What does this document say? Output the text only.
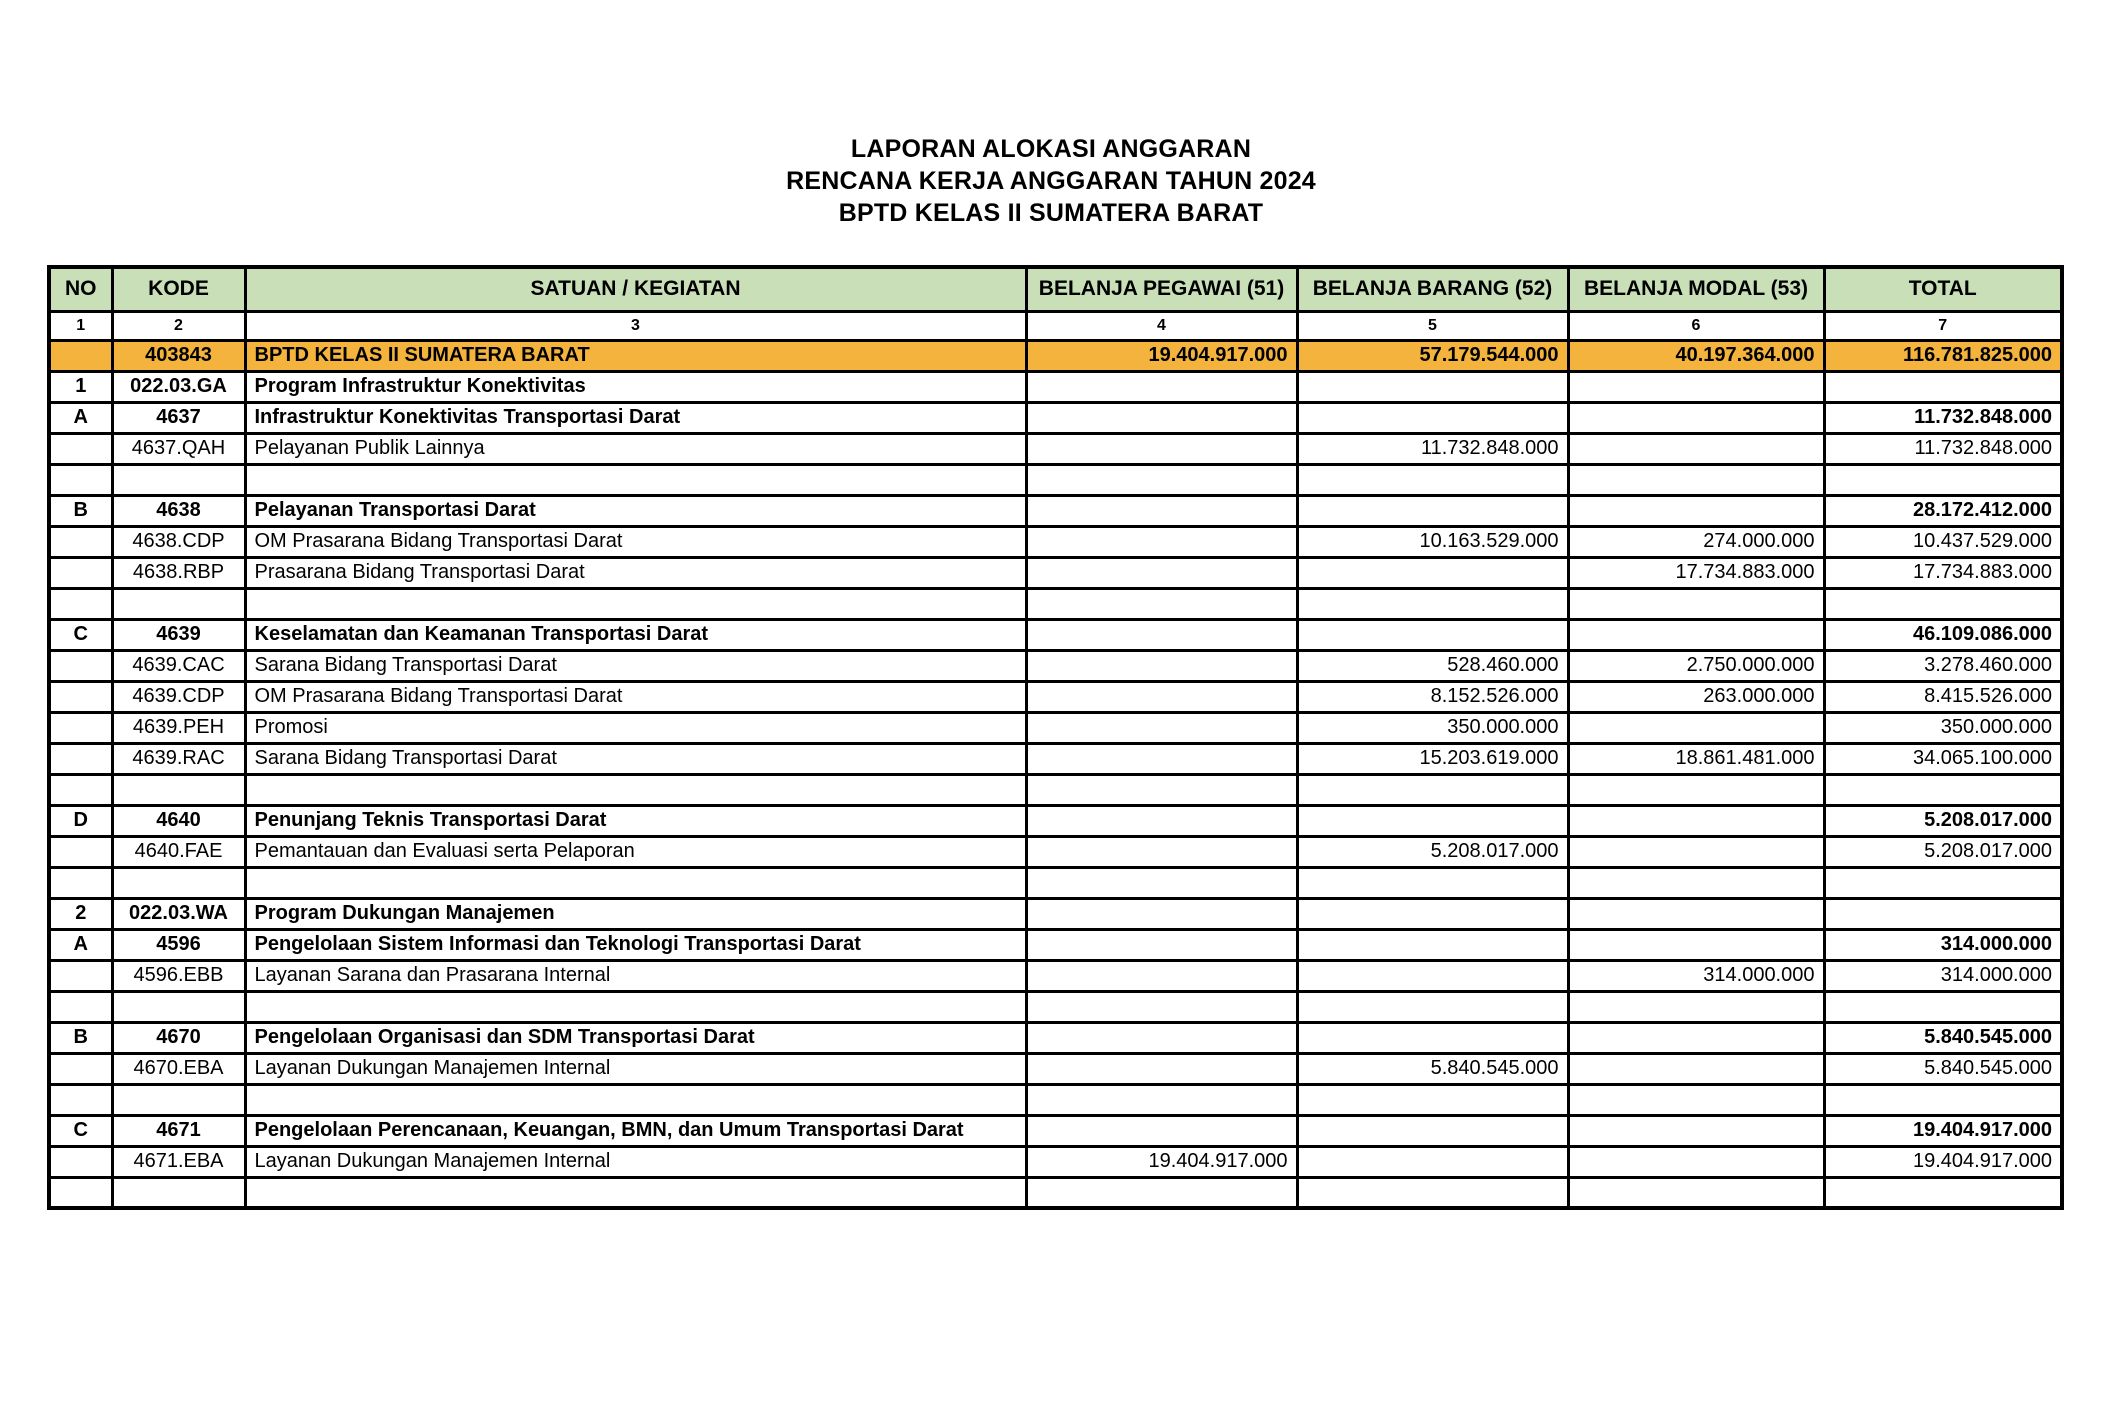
LAPORAN ALOKASI ANGGARAN
RENCANA KERJA ANGGARAN TAHUN 2024
BPTD KELAS II SUMATERA BARAT
NO	KODE	SATUAN / KEGIATAN	BELANJA PEGAWAI (51)	BELANJA BARANG (52)	BELANJA MODAL (53)	TOTAL
1	2	3	4	5	6	7
	403843	BPTD KELAS II SUMATERA BARAT	19.404.917.000	57.179.544.000	40.197.364.000	116.781.825.000
1	022.03.GA	Program Infrastruktur Konektivitas				
A	4637	Infrastruktur Konektivitas Transportasi Darat				11.732.848.000
	4637.QAH	Pelayanan Publik Lainnya		11.732.848.000		11.732.848.000

B	4638	Pelayanan Transportasi Darat				28.172.412.000
	4638.CDP	OM Prasarana Bidang Transportasi Darat		10.163.529.000	274.000.000	10.437.529.000
	4638.RBP	Prasarana Bidang Transportasi Darat			17.734.883.000	17.734.883.000

C	4639	Keselamatan dan Keamanan Transportasi Darat				46.109.086.000
	4639.CAC	Sarana Bidang Transportasi Darat		528.460.000	2.750.000.000	3.278.460.000
	4639.CDP	OM Prasarana Bidang Transportasi Darat		8.152.526.000	263.000.000	8.415.526.000
	4639.PEH	Promosi		350.000.000		350.000.000
	4639.RAC	Sarana Bidang Transportasi Darat		15.203.619.000	18.861.481.000	34.065.100.000

D	4640	Penunjang Teknis Transportasi Darat				5.208.017.000
	4640.FAE	Pemantauan dan Evaluasi serta Pelaporan		5.208.017.000		5.208.017.000

2	022.03.WA	Program Dukungan Manajemen				
A	4596	Pengelolaan Sistem Informasi dan Teknologi Transportasi Darat				314.000.000
	4596.EBB	Layanan Sarana dan Prasarana Internal			314.000.000	314.000.000

B	4670	Pengelolaan Organisasi dan SDM Transportasi Darat				5.840.545.000
	4670.EBA	Layanan Dukungan Manajemen Internal		5.840.545.000		5.840.545.000

C	4671	Pengelolaan Perencanaan, Keuangan, BMN, dan Umum Transportasi Darat				19.404.917.000
	4671.EBA	Layanan Dukungan Manajemen Internal	19.404.917.000			19.404.917.000
